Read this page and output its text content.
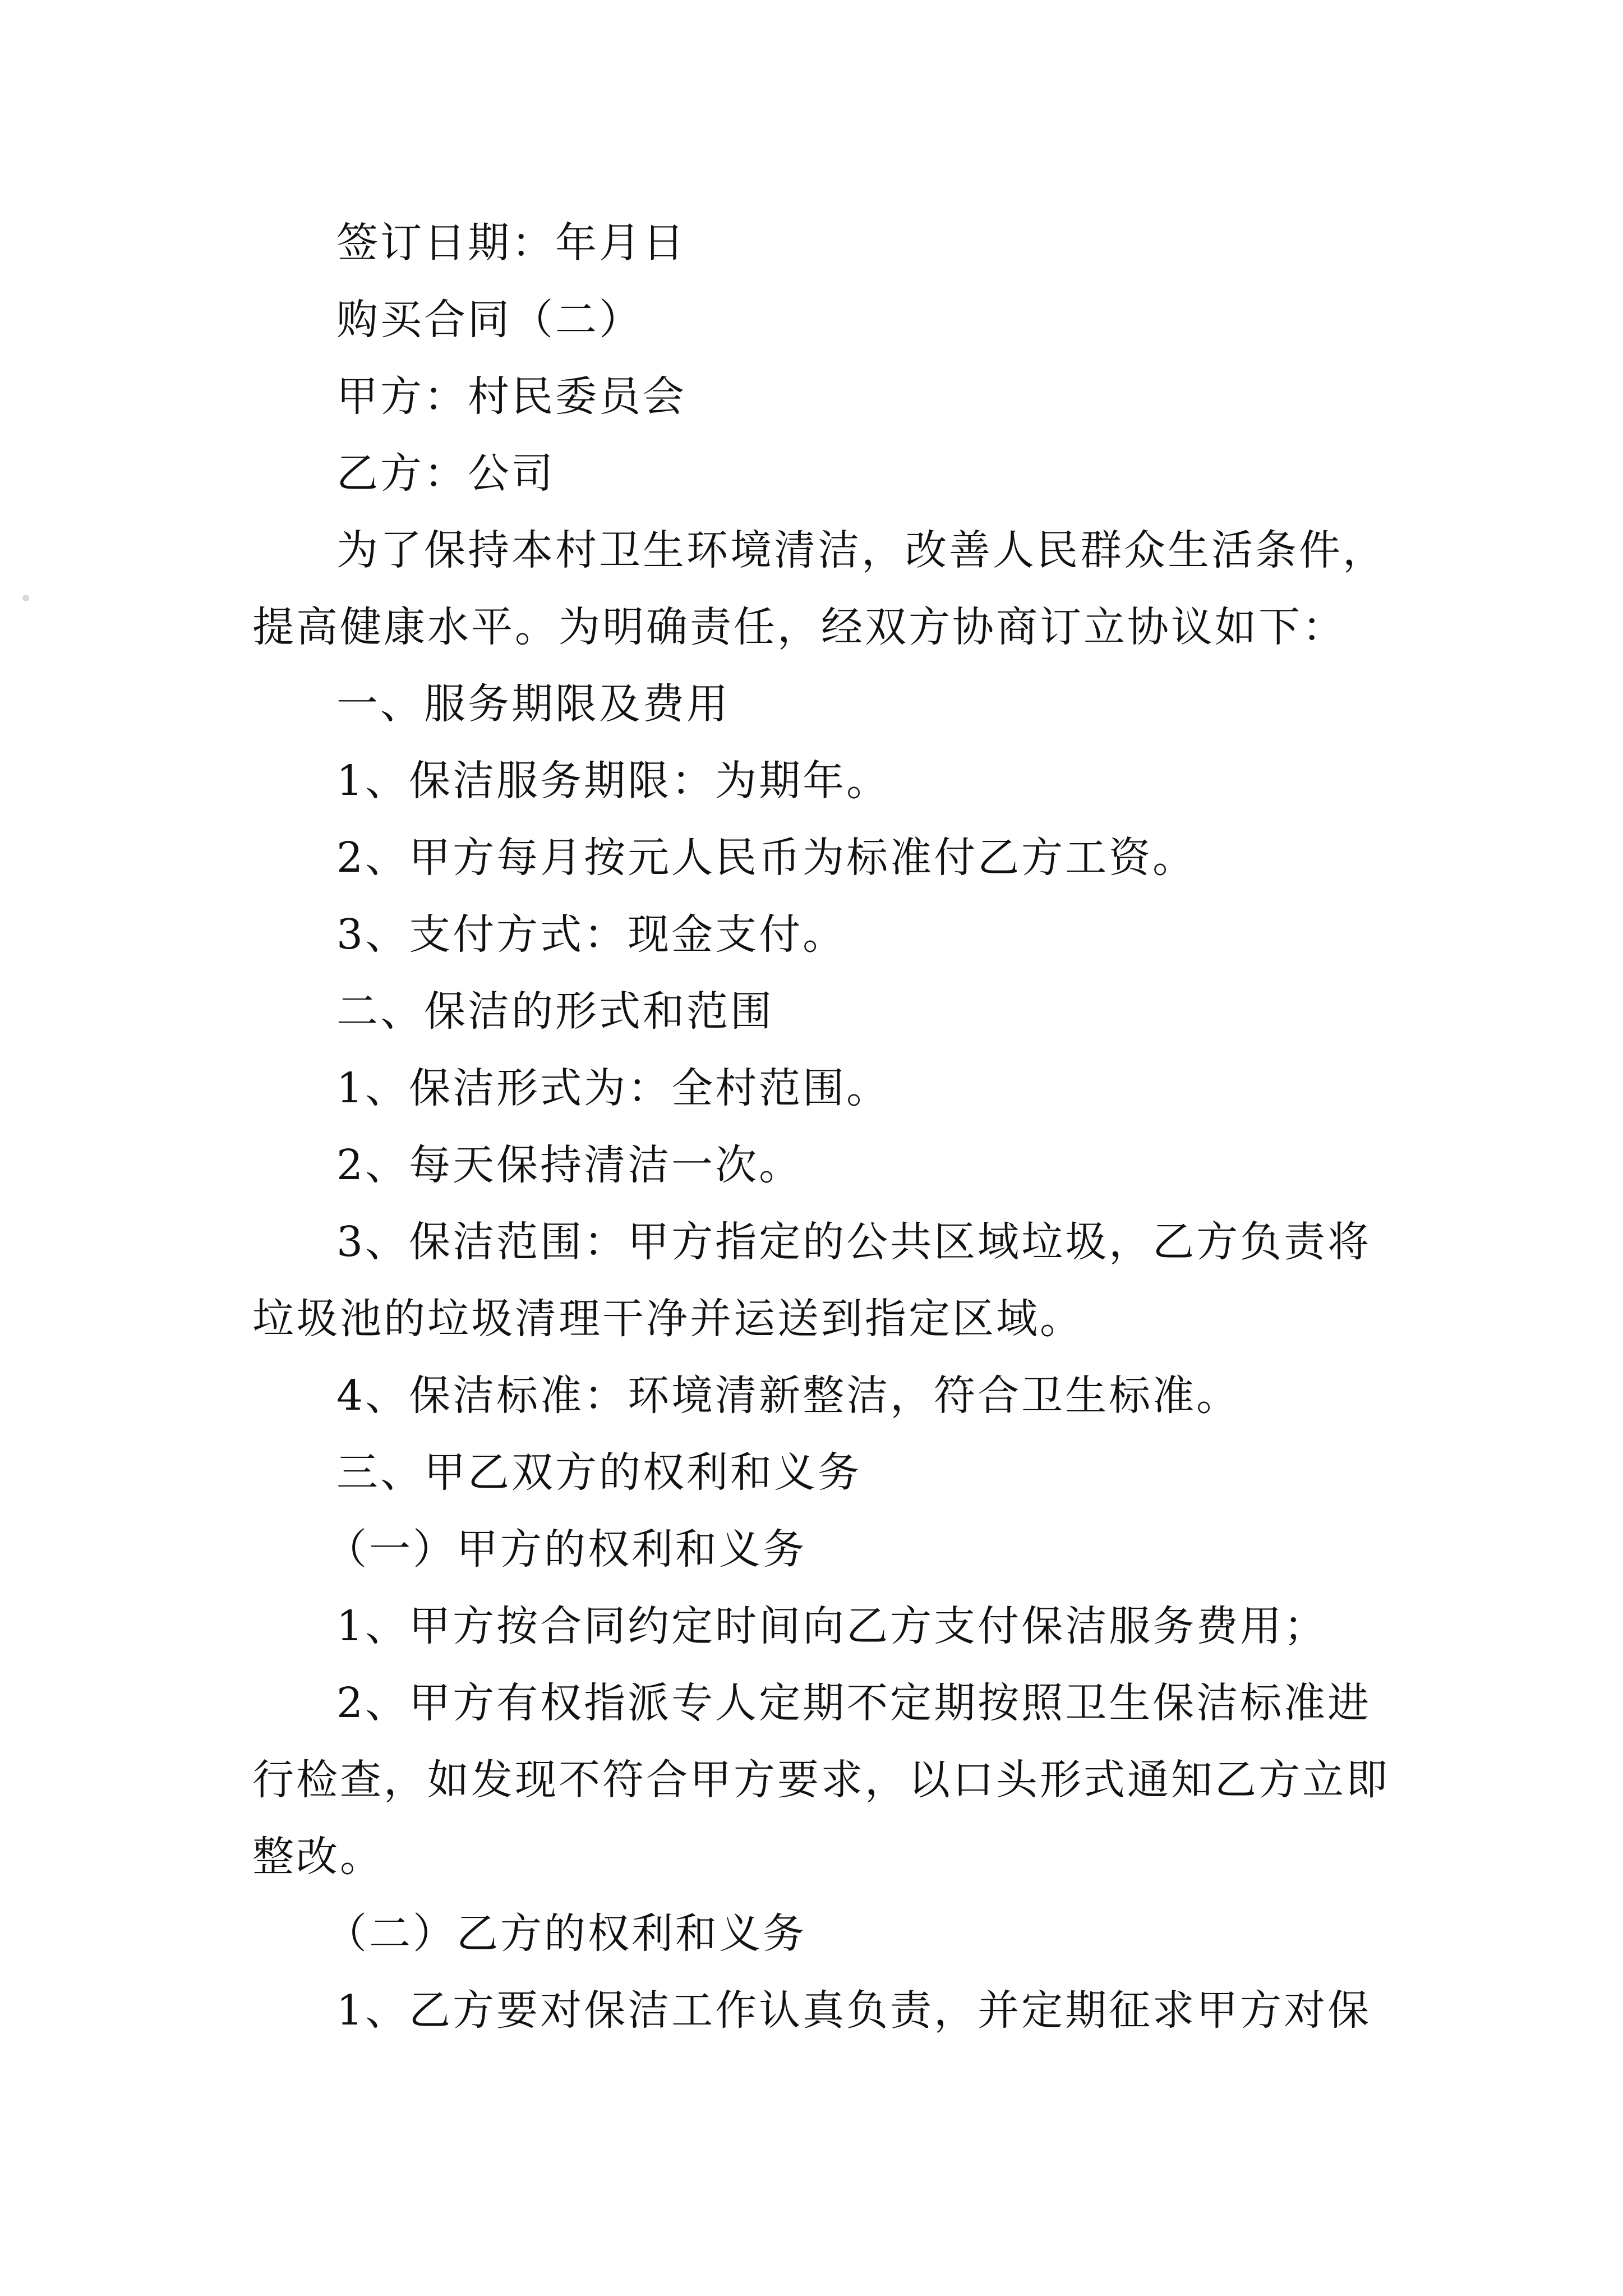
签订日期：年月日
购买合同（二）
甲方：村民委员会
乙方：公司
为了保持本村卫生环境清洁，改善人民群众生活条件，
提高健康水平。为明确责任，经双方协商订立协议如下：
一、服务期限及费用
1、保洁服务期限：为期年。
2、甲方每月按元人民币为标准付乙方工资。
3、支付方式：现金支付。
二、保洁的形式和范围
1、保洁形式为：全村范围。
2、每天保持清洁一次。
3、保洁范围：甲方指定的公共区域垃圾，乙方负责将
垃圾池的垃圾清理干净并运送到指定区域。
4、保洁标准：环境清新整洁，符合卫生标准。
三、甲乙双方的权利和义务
（一）甲方的权利和义务
1、甲方按合同约定时间向乙方支付保洁服务费用；
2、甲方有权指派专人定期不定期按照卫生保洁标准进
行检查，如发现不符合甲方要求，以口头形式通知乙方立即
整改。
（二）乙方的权利和义务
1、乙方要对保洁工作认真负责，并定期征求甲方对保
